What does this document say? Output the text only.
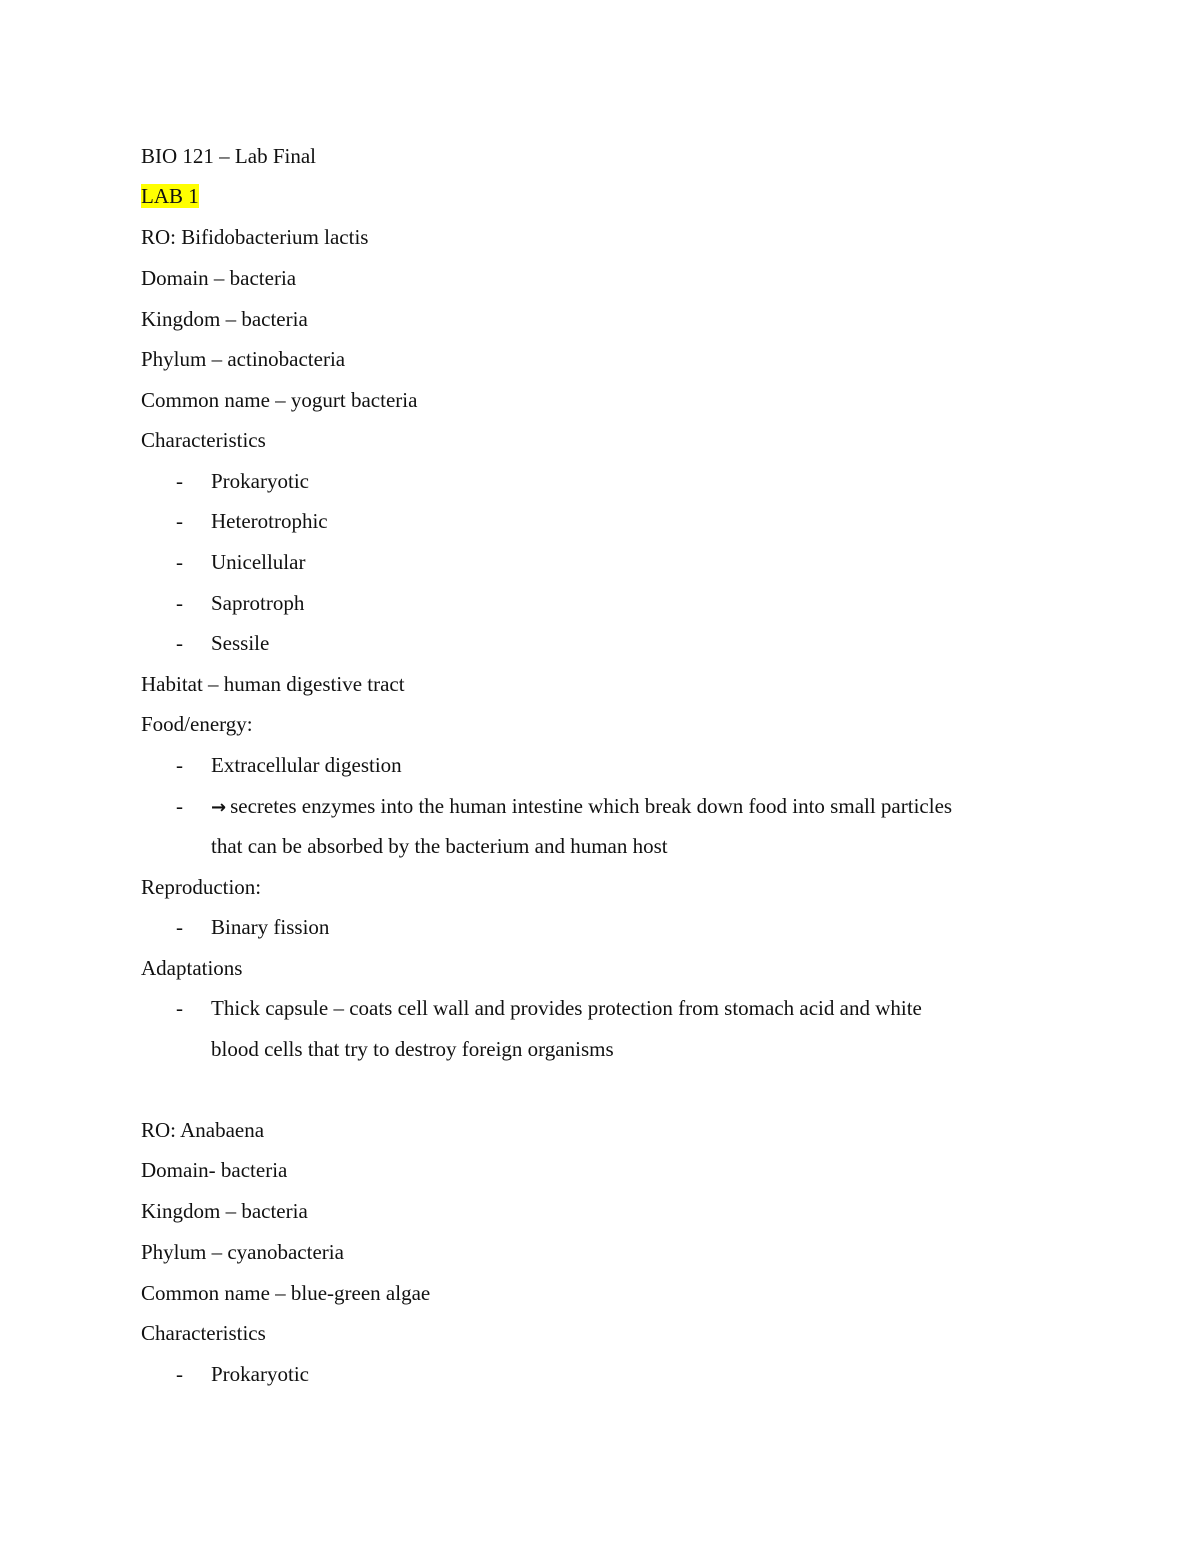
BIO 121 – Lab Final
LAB 1
RO: Bifidobacterium lactis
Domain – bacteria
Kingdom – bacteria
Phylum – actinobacteria
Common name – yogurt bacteria
Characteristics
- Prokaryotic
- Heterotrophic
- Unicellular
- Saprotroph
- Sessile
Habitat – human digestive tract
Food/energy:
- Extracellular digestion
- → secretes enzymes into the human intestine which break down food into small particles
that can be absorbed by the bacterium and human host
Reproduction:
- Binary fission
Adaptations
- Thick capsule – coats cell wall and provides protection from stomach acid and white
blood cells that try to destroy foreign organisms
RO: Anabaena
Domain- bacteria
Kingdom – bacteria
Phylum – cyanobacteria
Common name – blue-green algae
Characteristics
- Prokaryotic
